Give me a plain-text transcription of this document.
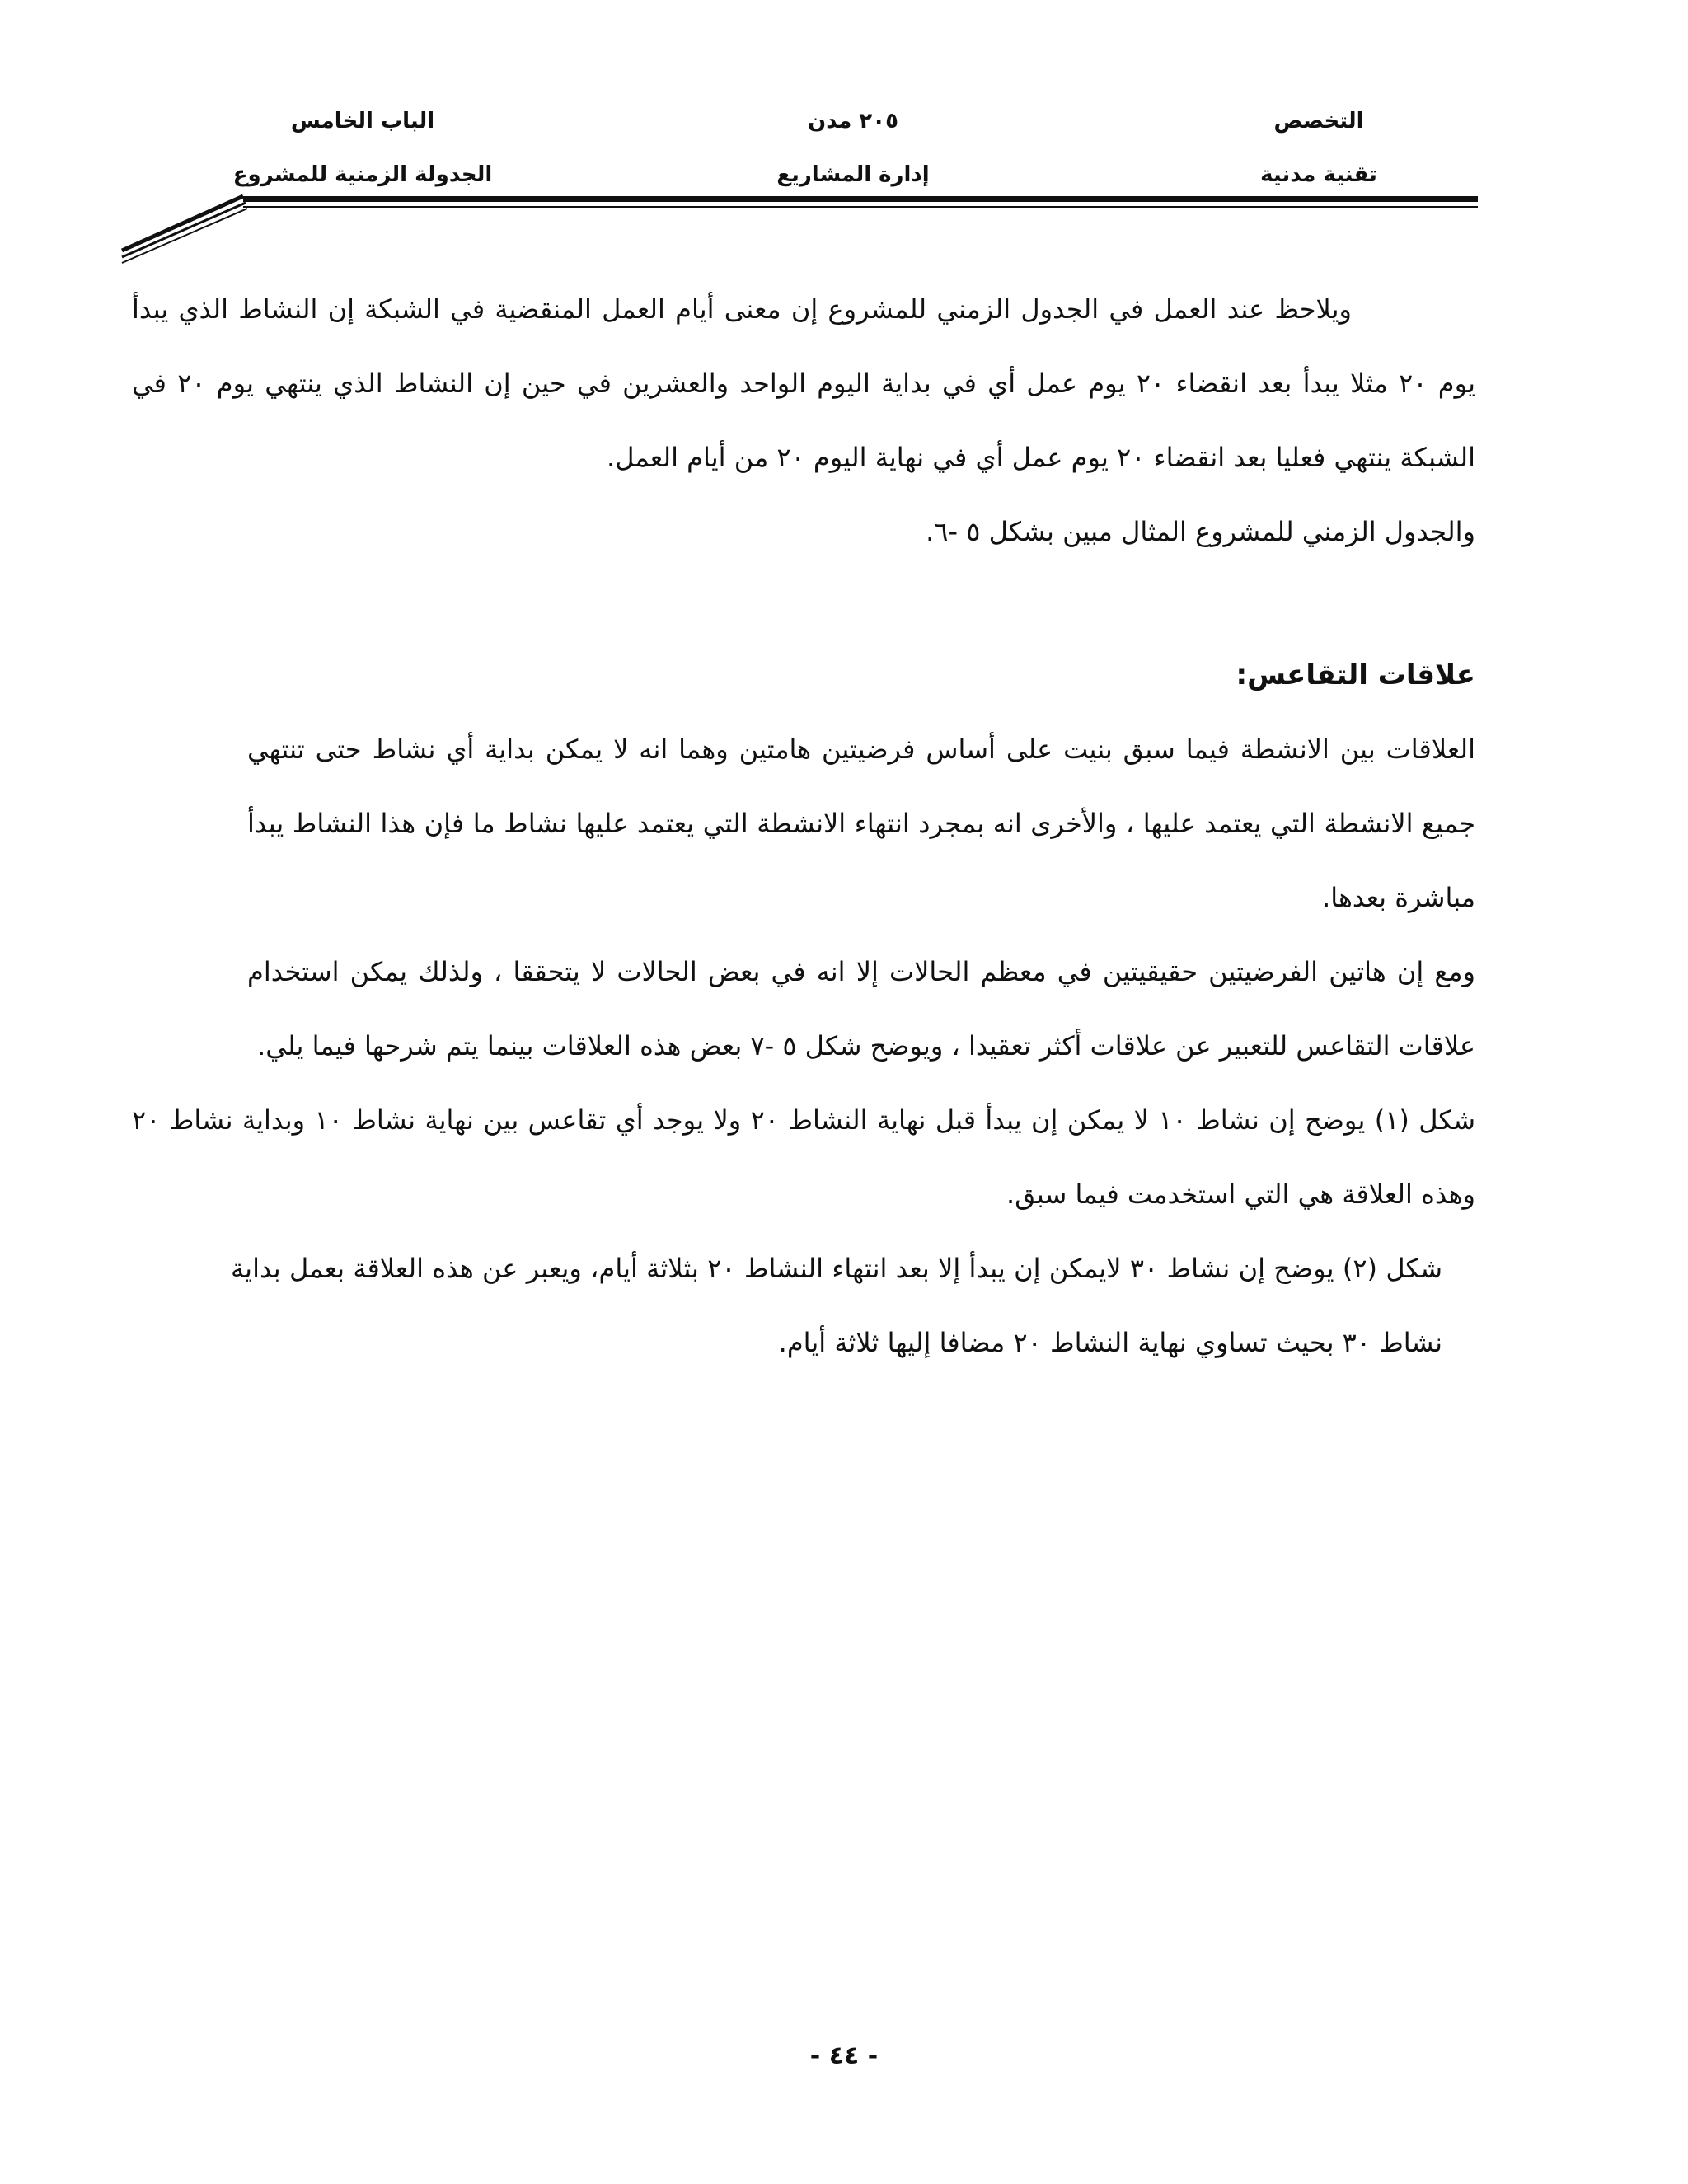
التخصص
تقنية مدنية
٢٠٥ مدن
إدارة المشاريع
الباب الخامس
الجدولة الزمنية للمشروع

ويلاحظ عند العمل في الجدول الزمني للمشروع إن معنى أيام العمل المنقضية في الشبكة إن النشاط الذي يبدأ يوم ٢٠ مثلا يبدأ بعد انقضاء ٢٠ يوم عمل أي في بداية اليوم الواحد والعشرين في حين إن النشاط الذي ينتهي يوم ٢٠ في الشبكة ينتهي فعليا بعد انقضاء ٢٠ يوم عمل أي في نهاية اليوم ٢٠ من أيام العمل.

والجدول الزمني للمشروع المثال مبين بشكل ٥ -٦.

علاقات التقاعس:

العلاقات بين الانشطة فيما سبق بنيت على أساس فرضيتين هامتين وهما انه لا يمكن بداية أي نشاط حتى تنتهي جميع الانشطة التي يعتمد عليها ، والأخرى انه بمجرد انتهاء الانشطة التي يعتمد عليها نشاط ما فإن هذا النشاط يبدأ مباشرة بعدها.

ومع إن هاتين الفرضيتين حقيقيتين في معظم الحالات إلا انه في بعض الحالات لا يتحققا ، ولذلك يمكن استخدام علاقات التقاعس للتعبير عن علاقات أكثر تعقيدا ، ويوضح شكل ٥ -٧ بعض هذه العلاقات بينما يتم شرحها فيما يلي.

شكل (١) يوضح إن نشاط ١٠ لا يمكن إن يبدأ قبل نهاية النشاط ٢٠ ولا يوجد أي تقاعس بين نهاية نشاط ١٠ وبداية نشاط ٢٠ وهذه العلاقة هي التي استخدمت فيما سبق.

شكل (٢) يوضح إن نشاط ٣٠ لايمكن إن يبدأ إلا بعد انتهاء النشاط ٢٠ بثلاثة أيام، ويعبر عن هذه العلاقة بعمل بداية نشاط ٣٠ بحيث تساوي نهاية النشاط ٢٠ مضافا إليها ثلاثة أيام.

- ٤٤ -
